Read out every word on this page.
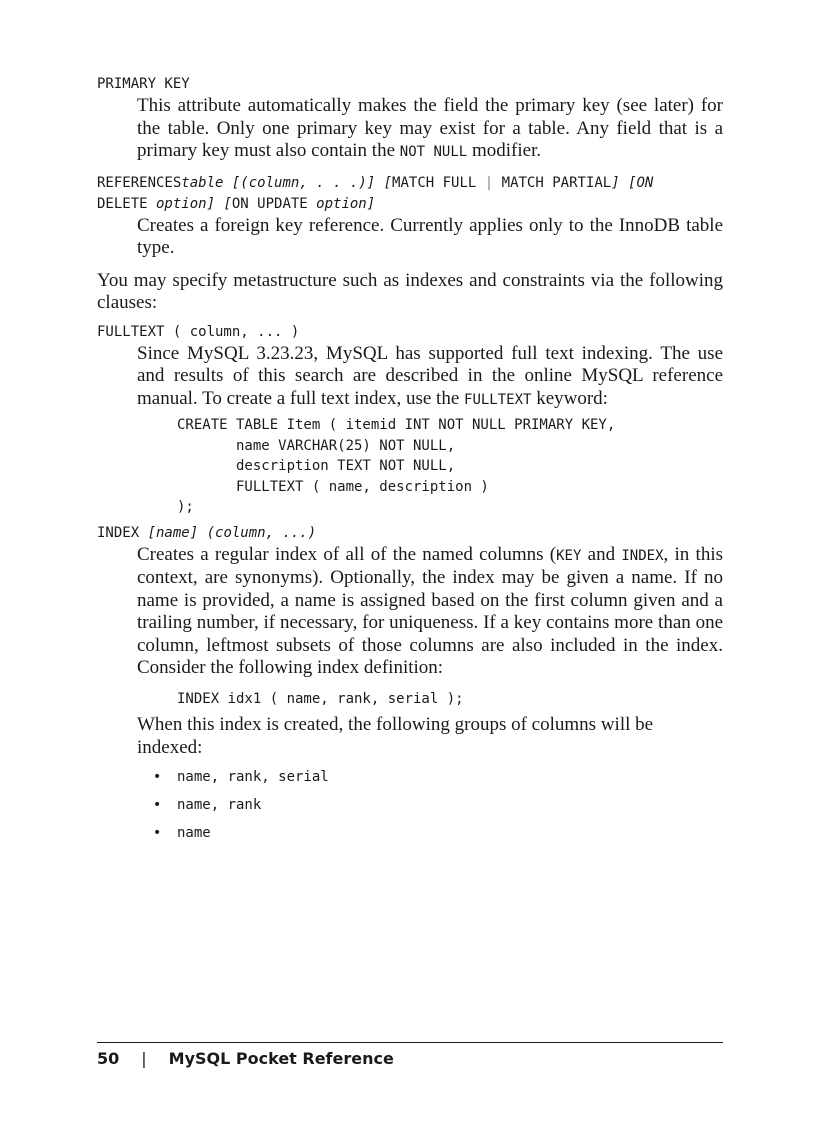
PRIMARY KEY

This attribute automatically makes the field the primary key (see later) for the table. Only one primary key may exist for a table. Any field that is a primary key must also contain the NOT NULL modifier.

REFERENCEStable [(column, . . .)] [MATCH FULL | MATCH PARTIAL] [ON
DELETE option] [ON UPDATE option]

Creates a foreign key reference. Currently applies only to the InnoDB table type.

You may specify metastructure such as indexes and constraints via the following clauses:

FULLTEXT ( column, ... )

Since MySQL 3.23.23, MySQL has supported full text indexing. The use and results of this search are described in the online MySQL reference manual. To create a full text index, use the FULLTEXT keyword:

CREATE TABLE Item ( itemid INT NOT NULL PRIMARY KEY,
name VARCHAR(25) NOT NULL,
description TEXT NOT NULL,
FULLTEXT ( name, description )
);

INDEX [name] (column, ...)

Creates a regular index of all of the named columns (KEY and INDEX, in this context, are synonyms). Optionally, the index may be given a name. If no name is provided, a name is assigned based on the first column given and a trailing number, if necessary, for uniqueness. If a key contains more than one column, leftmost subsets of those columns are also included in the index. Consider the following index definition:

INDEX idx1 ( name, rank, serial );

When this index is created, the following groups of columns will be indexed:

• name, rank, serial
• name, rank
• name
50 | MySQL Pocket Reference
